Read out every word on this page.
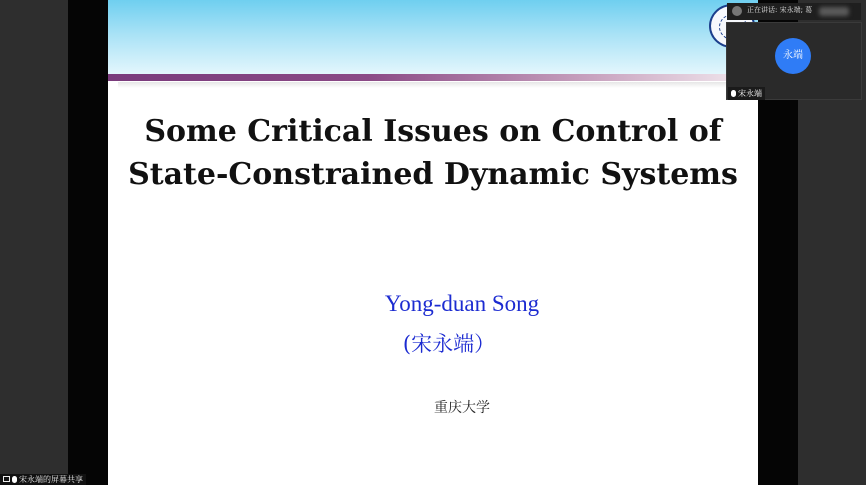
Some Critical Issues on Control of
State-Constrained Dynamic Systems
Yong-duan Song
(宋永端）
重庆大学
正在讲话: 宋永端; 葛
永端
宋永端
宋永端的屏幕共享
